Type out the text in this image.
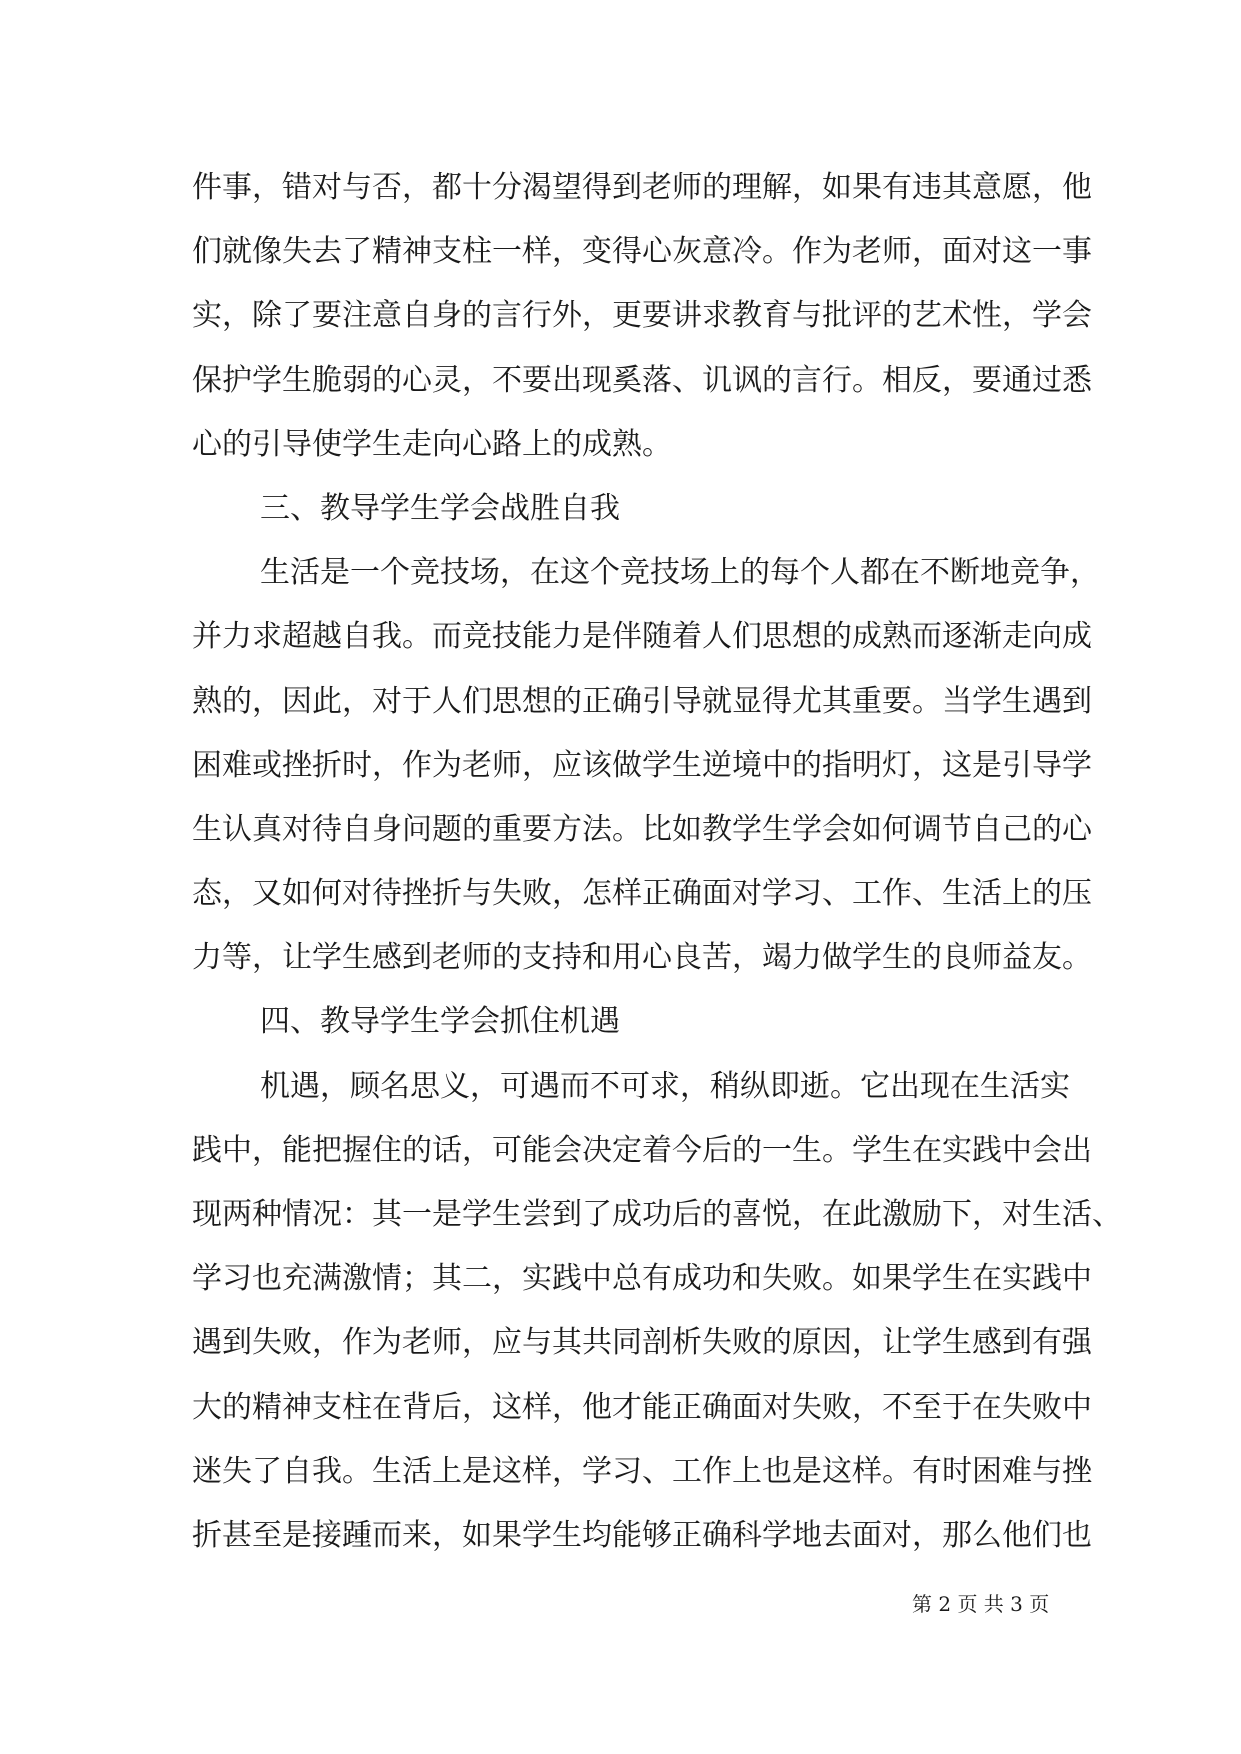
件事，错对与否，都十分渴望得到老师的理解，如果有违其意愿，他
们就像失去了精神支柱一样，变得心灰意冷。作为老师，面对这一事
实，除了要注意自身的言行外，更要讲求教育与批评的艺术性，学会
保护学生脆弱的心灵，不要出现奚落、讥讽的言行。相反，要通过悉
心的引导使学生走向心路上的成熟。
三、教导学生学会战胜自我
生活是一个竞技场，在这个竞技场上的每个人都在不断地竞争，
并力求超越自我。而竞技能力是伴随着人们思想的成熟而逐渐走向成
熟的，因此，对于人们思想的正确引导就显得尤其重要。当学生遇到
困难或挫折时，作为老师，应该做学生逆境中的指明灯，这是引导学
生认真对待自身问题的重要方法。比如教学生学会如何调节自己的心
态，又如何对待挫折与失败，怎样正确面对学习、工作、生活上的压
力等，让学生感到老师的支持和用心良苦，竭力做学生的良师益友。
四、教导学生学会抓住机遇
机遇，顾名思义，可遇而不可求，稍纵即逝。它出现在生活实
践中，能把握住的话，可能会决定着今后的一生。学生在实践中会出
现两种情况：其一是学生尝到了成功后的喜悦，在此激励下，对生活、
学习也充满激情；其二，实践中总有成功和失败。如果学生在实践中
遇到失败，作为老师，应与其共同剖析失败的原因，让学生感到有强
大的精神支柱在背后，这样，他才能正确面对失败，不至于在失败中
迷失了自我。生活上是这样，学习、工作上也是这样。有时困难与挫
折甚至是接踵而来，如果学生均能够正确科学地去面对，那么他们也
第 2 页 共 3 页
